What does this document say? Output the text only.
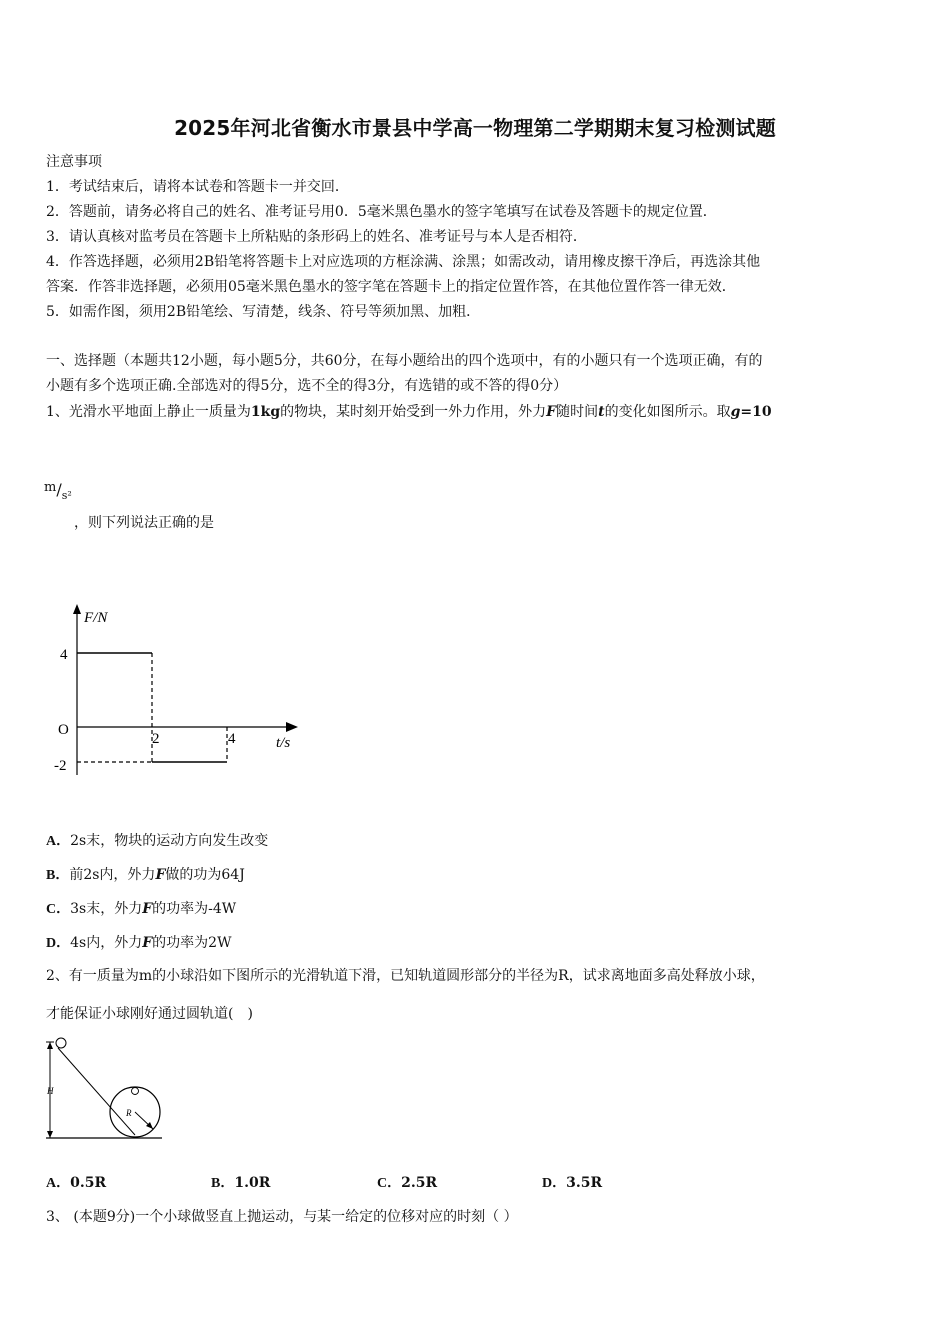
2025年河北省衡水市景县中学高一物理第二学期期末复习检测试题
注意事项
1．考试结束后，请将本试卷和答题卡一并交回．
2．答题前，请务必将自己的姓名、准考证号用0．5毫米黑色墨水的签字笔填写在试卷及答题卡的规定位置．
3．请认真核对监考员在答题卡上所粘贴的条形码上的姓名、准考证号与本人是否相符．
4．作答选择题，必须用2B铅笔将答题卡上对应选项的方框涂满、涂黑；如需改动，请用橡皮擦干净后，再选涂其他
答案．作答非选择题，必须用05毫米黑色墨水的签字笔在答题卡上的指定位置作答，在其他位置作答一律无效．
5．如需作图，须用2B铅笔绘、写清楚，线条、符号等须加黑、加粗．
一、选择题（本题共12小题，每小题5分，共60分，在每小题给出的四个选项中，有的小题只有一个选项正确，有的
小题有多个选项正确.全部选对的得5分，选不全的得3分，有选错的或不答的得0分）
1、光滑水平地面上静止一质量为1kg的物块，某时刻开始受到一外力作用，外力F随时间t的变化如图所示。取g=10
$m/_{s^2}$
，则下列说法正确的是
F/N
4
O
-2
2	4	t/s
A．2s末，物块的运动方向发生改变
B．前2s内，外力F做的功为64J
C．3s末，外力F的功率为-4W
D．4s内，外力F的功率为2W
2、有一质量为m的小球沿如下图所示的光滑轨道下滑，已知轨道圆形部分的半径为R，试求离地面多高处释放小球，
才能保证小球刚好通过圆轨道(　)
H
R
A．0.5R	B．1.0R	C．2.5R	D．3.5R
3、 (本题9分)一个小球做竖直上抛运动，与某一给定的位移对应的时刻（ ）
